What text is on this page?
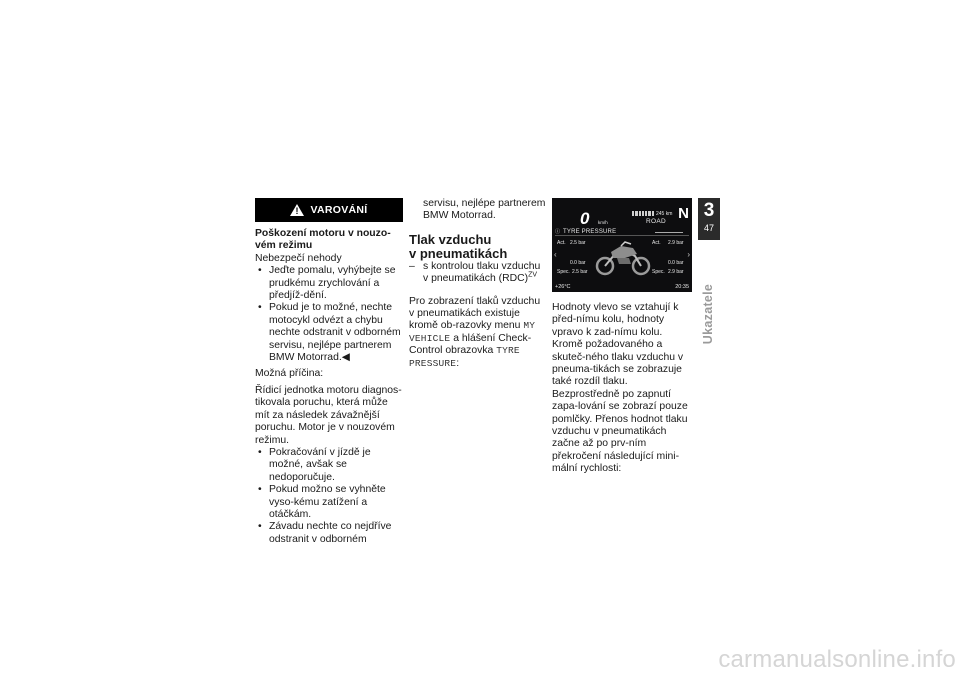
! VAROVÁNÍ

Poškození motoru v nouzo-vém režimu

Nebezpečí nehody

• Jeďte pomalu, vyhýbejte se prudkému zrychlování a předjíž-dění.
• Pokud je to možné, nechte motocykl odvézt a chybu nechte odstranit v odborném servisu, nejlépe partnerem BMW Motorrad.◀

Možná příčina:

Řídicí jednotka motoru diagnos-tikovala poruchu, která může mít za následek závažnější poruchu. Motor je v nouzovém režimu.

• Pokračování v jízdě je možné, avšak se nedoporučuje.
• Pokud možno se vyhněte vyso-kému zatížení a otáčkám.
• Závadu nechte co nejdříve odstranit v odborném

servisu, nejlépe partnerem BMW Motorrad.

Tlak vzduchu
v pneumatikách
– s kontrolou tlaku vzduchu v pneumatikách (RDC)$^{ZV}$

Pro zobrazení tlaků vzduchu v pneumatikách existuje kromě ob-razovky menu MY VEHICLE a hlášení Check-Control obrazovka TYRE PRESSURE:

0 km/h
245 km
ROAD N
ⓘ TYRE PRESSURE
Act. 2.5 bar	Act. 2.9 bar
‹	›
0.0 bar	0.0 bar
Spec. 2.5 bar	Spec. 2.9 bar
+26°C	20:35

Hodnoty vlevo se vztahují k před-nímu kolu, hodnoty vpravo k zad-nímu kolu.

Kromě požadovaného a skuteč-ného tlaku vzduchu v pneuma-tikách se zobrazuje také rozdíl tlaku.

Bezprostředně po zapnutí zapa-lování se zobrazí pouze pomlčky. Přenos hodnot tlaku vzduchu v pneumatikách začne až po prv-ním překročení následující mini-mální rychlosti:

3
47
Ukazatele
carmanualsonline.info
